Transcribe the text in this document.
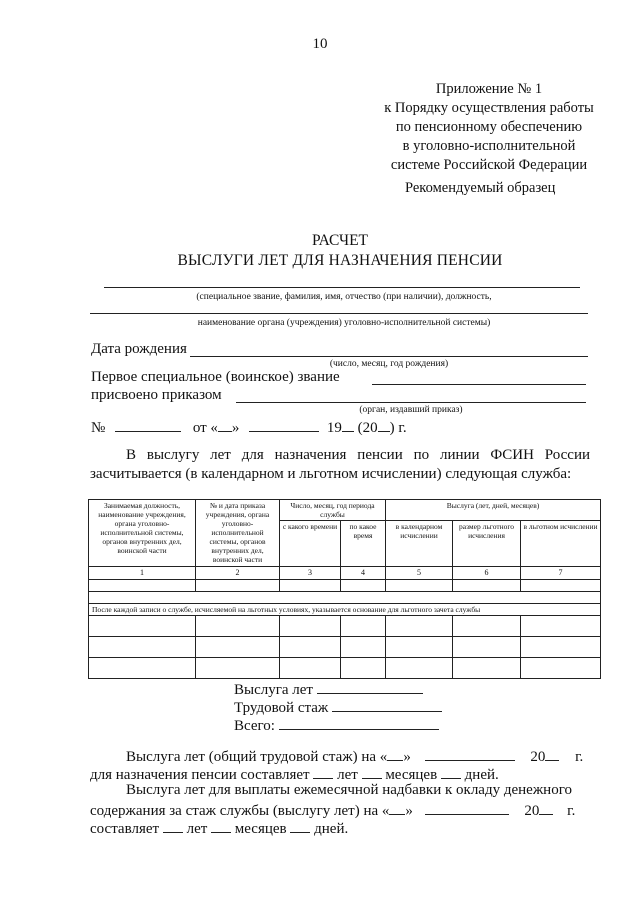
10
Приложение № 1
к Порядку осуществления работы
по пенсионному обеспечению
в уголовно-исполнительной
системе Российской Федерации
Рекомендуемый образец
РАСЧЕТ
ВЫСЛУГИ ЛЕТ ДЛЯ НАЗНАЧЕНИЯ ПЕНСИИ
(специальное звание, фамилия, имя, отчество (при наличии), должность,
наименование органа (учреждения) уголовно-исполнительной системы)
Дата рождения
(число, месяц, год рождения)
Первое специальное (воинское) звание
присвоено приказом
(орган, издавший приказ)
№	от « »	19 (20 ) г.
В выслугу лет для назначения пенсии по линии ФСИН России
засчитывается (в календарном и льготном исчислении) следующая служба:
Занимаемая должность, наименование учреждения, органа уголовно-исполнительной системы, органов внутренних дел, воинской части	№ и дата приказа учреждения, органа уголовно-исполнительной системы, органов внутренних дел, воинской части	Число, месяц, год периода службы		Выслуга (лет, дней, месяцев)		
		с какого времени	по какое время	в календарном исчислении	размер льготного исчисления	в льготном исчислении
1	2	3	4	5	6	7

После каждой записи о службе, исчисляемой на льготных условиях, указывается основание для льготного зачета службы						

Выслуга лет
Трудовой стаж
Всего:
Выслуга лет (общий трудовой стаж) на « »	20 г.
для назначения пенсии составляет лет месяцев дней.
Выслуга лет для выплаты ежемесячной надбавки к окладу денежного
содержания за стаж службы (выслугу лет) на « »	20 г.
составляет лет месяцев дней.
